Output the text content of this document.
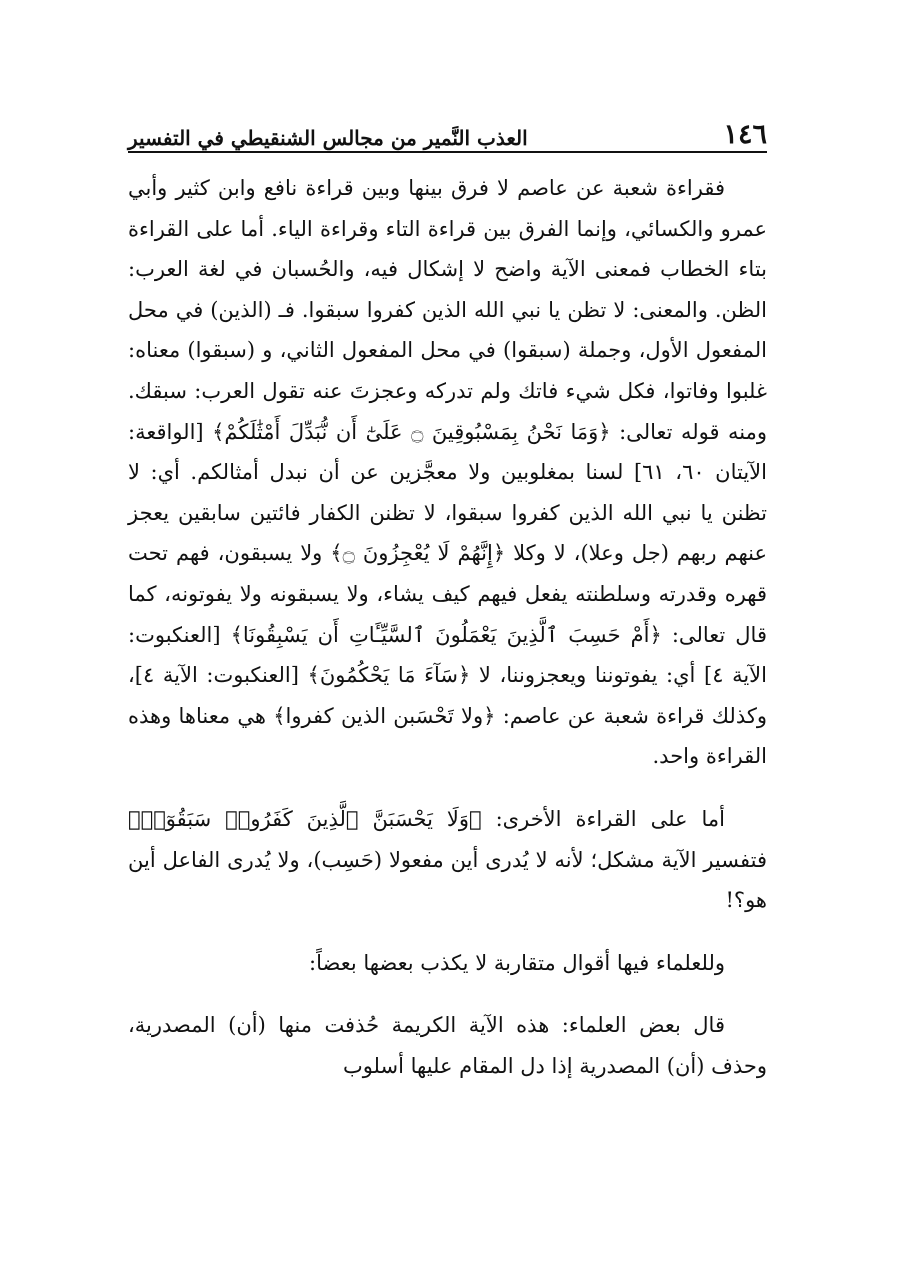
١٤٦
العذب النَّمير من مجالس الشنقيطي في التفسير

فقراءة شعبة عن عاصم لا فرق بينها وبين قراءة نافع وابن كثير وأبي عمرو والكسائي، وإنما الفرق بين قراءة التاء وقراءة الياء. أما على القراءة بتاء الخطاب فمعنى الآية واضح لا إشكال فيه، والحُسبان في لغة العرب: الظن. والمعنى: لا تظن يا نبي الله الذين كفروا سبقوا. فـ (الذين) في محل المفعول الأول، وجملة (سبقوا) في محل المفعول الثاني، و (سبقوا) معناه: غلبوا وفاتوا، فكل شيء فاتك ولم تدركه وعجزتَ عنه تقول العرب: سبقك. ومنه قوله تعالى: ﴿وَمَا نَحْنُ بِمَسْبُوقِينَ ۝ عَلَىٰٓ أَن نُّبَدِّلَ أَمْثَٰلَكُمْ﴾ [الواقعة: الآيتان ٦٠، ٦١] لسنا بمغلوبين ولا معجَّزين عن أن نبدل أمثالكم. أي: لا تظنن يا نبي الله الذين كفروا سبقوا، لا تظنن الكفار فائتين سابقين يعجز عنهم ربهم (جل وعلا)، لا وكلا ﴿إِنَّهُمْ لَا يُعْجِزُونَ ۝﴾ ولا يسبقون، فهم تحت قهره وقدرته وسلطنته يفعل فيهم كيف يشاء، ولا يسبقونه ولا يفوتونه، كما قال تعالى: ﴿أَمْ حَسِبَ ٱلَّذِينَ يَعْمَلُونَ ٱلسَّيِّـَٔاتِ أَن يَسْبِقُونَا﴾ [العنكبوت: الآية ٤] أي: يفوتوننا ويعجزوننا، لا ﴿سَآءَ مَا يَحْكُمُونَ﴾ [العنكبوت: الآية ٤]، وكذلك قراءة شعبة عن عاصم: ﴿ولا تَحْسَبن الذين كفروا﴾ هي معناها وهذه القراءة واحد.

أما على القراءة الأخرى: ﴿وَلَا يَحْسَبَنَّ ٱلَّذِينَ كَفَرُوا۟ سَبَقُوٓا۟﴾ فتفسير الآية مشكل؛ لأنه لا يُدرى أين مفعولا (حَسِب)، ولا يُدرى الفاعل أين هو؟!

وللعلماء فيها أقوال متقاربة لا يكذب بعضها بعضاً:

قال بعض العلماء: هذه الآية الكريمة حُذفت منها (أن) المصدرية، وحذف (أن) المصدرية إذا دل المقام عليها أسلوب
